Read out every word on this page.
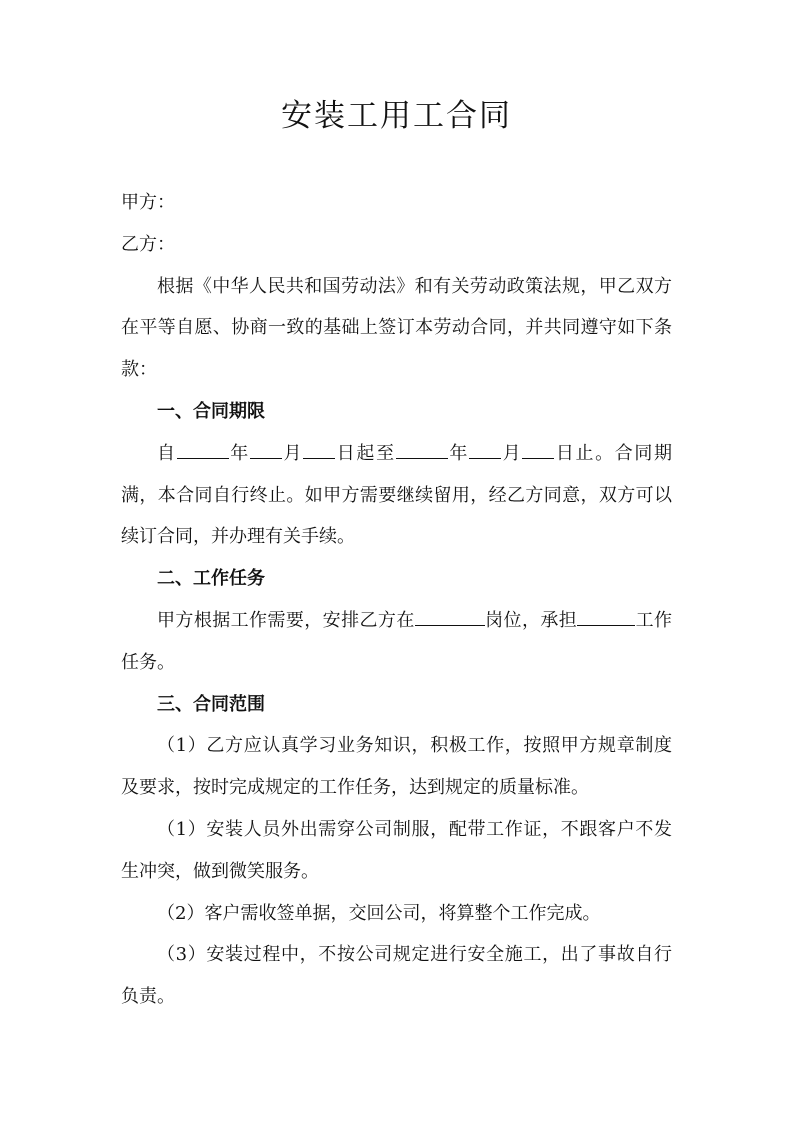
安装工用工合同

甲方：

乙方：

根据《中华人民共和国劳动法》和有关劳动政策法规，甲乙双方在平等自愿、协商一致的基础上签订本劳动合同，并共同遵守如下条款：

一、合同期限

自	年 月 日起至	年 月 日止。合同期满，本合同自行终止。如甲方需要继续留用，经乙方同意，双方可以续订合同，并办理有关手续。

二、工作任务

甲方根据工作需要，安排乙方在	岗位，承担	工作任务。

三、合同范围

（1）乙方应认真学习业务知识，积极工作，按照甲方规章制度及要求，按时完成规定的工作任务，达到规定的质量标准。

（1）安装人员外出需穿公司制服，配带工作证，不跟客户不发生冲突，做到微笑服务。

（2）客户需收签单据，交回公司，将算整个工作完成。

（3）安装过程中，不按公司规定进行安全施工，出了事故自行负责。
